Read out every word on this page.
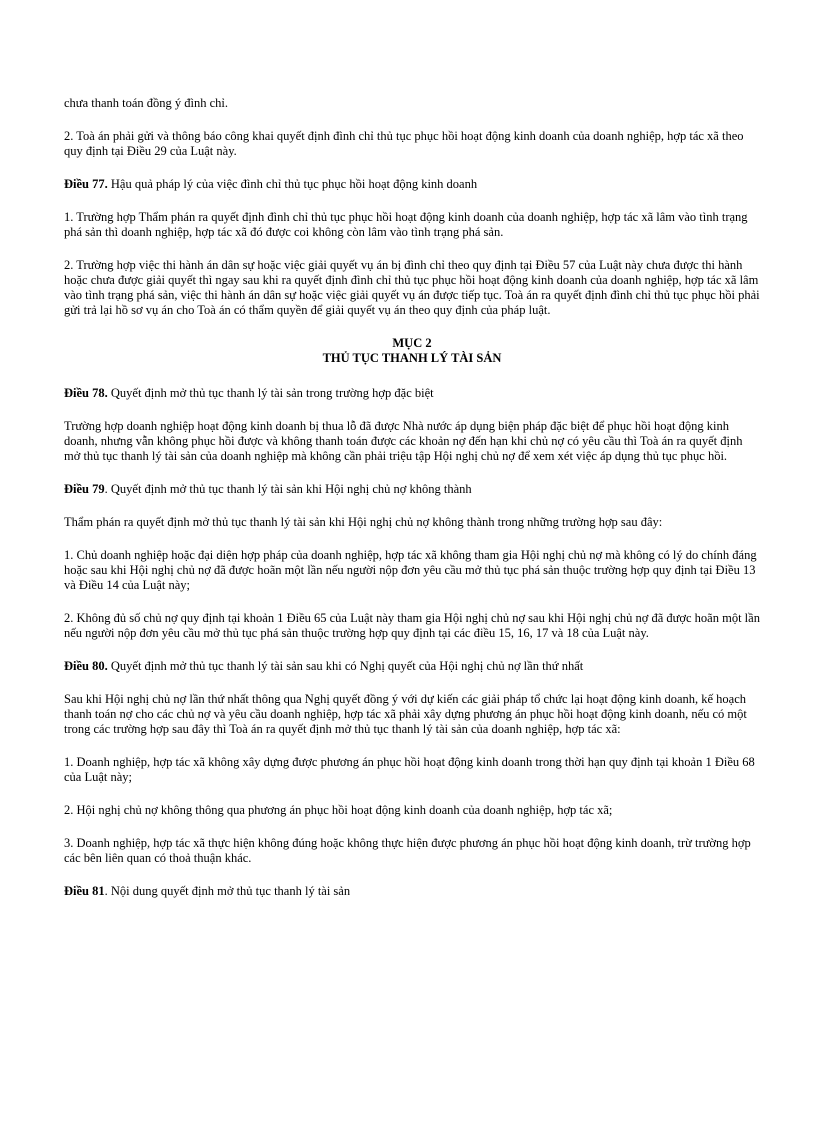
chưa thanh toán đồng ý đình chỉ.

2. Toà án phải gửi và thông báo công khai quyết định đình chỉ thủ tục phục hồi hoạt động kinh doanh của doanh nghiệp, hợp tác xã theo quy định tại Điều 29 của Luật này.

Điều 77. Hậu quả pháp lý của việc đình chỉ thủ tục phục hồi hoạt động kinh doanh

1. Trường hợp Thẩm phán ra quyết định đình chỉ thủ tục phục hồi hoạt động kinh doanh của doanh nghiệp, hợp tác xã lâm vào tình trạng phá sản thì doanh nghiệp, hợp tác xã đó được coi không còn lâm vào tình trạng phá sản.

2. Trường hợp việc thi hành án dân sự hoặc việc giải quyết vụ án bị đình chỉ theo quy định tại Điều 57 của Luật này chưa được thi hành hoặc chưa được giải quyết thì ngay sau khi ra quyết định đình chỉ thủ tục phục hồi hoạt động kinh doanh của doanh nghiệp, hợp tác xã lâm vào tình trạng phá sản, việc thi hành án dân sự hoặc việc giải quyết vụ án được tiếp tục. Toà án ra quyết định đình chỉ thủ tục phục hồi phải gửi trả lại hồ sơ vụ án cho Toà án có thẩm quyền để giải quyết vụ án theo quy định của pháp luật.

MỤC 2
THỦ TỤC THANH LÝ TÀI SẢN

Điều 78. Quyết định mở thủ tục thanh lý tài sản trong trường hợp đặc biệt

Trường hợp doanh nghiệp hoạt động kinh doanh bị thua lỗ đã được Nhà nước áp dụng biện pháp đặc biệt để phục hồi hoạt động kinh doanh, nhưng vẫn không phục hồi được và không thanh toán được các khoản nợ đến hạn khi chủ nợ có yêu cầu thì Toà án ra quyết định mở thủ tục thanh lý tài sản của doanh nghiệp mà không cần phải triệu tập Hội nghị chủ nợ để xem xét việc áp dụng thủ tục phục hồi.

Điều 79. Quyết định mở thủ tục thanh lý tài sản khi Hội nghị chủ nợ không thành

Thẩm phán ra quyết định mở thủ tục thanh lý tài sản khi Hội nghị chủ nợ không thành trong những trường hợp sau đây:

1. Chủ doanh nghiệp hoặc đại diện hợp pháp của doanh nghiệp, hợp tác xã không tham gia Hội nghị chủ nợ mà không có lý do chính đáng hoặc sau khi Hội nghị chủ nợ đã được hoãn một lần nếu người nộp đơn yêu cầu mở thủ tục phá sản thuộc trường hợp quy định tại Điều 13 và Điều 14 của Luật này;

2. Không đủ số chủ nợ quy định tại khoản 1 Điều 65 của Luật này tham gia Hội nghị chủ nợ sau khi Hội nghị chủ nợ đã được hoãn một lần nếu người nộp đơn yêu cầu mở thủ tục phá sản thuộc trường hợp quy định tại các điều 15, 16, 17 và 18 của Luật này.

Điều 80. Quyết định mở thủ tục thanh lý tài sản sau khi có Nghị quyết của Hội nghị chủ nợ lần thứ nhất

Sau khi Hội nghị chủ nợ lần thứ nhất thông qua Nghị quyết đồng ý với dự kiến các giải pháp tổ chức lại hoạt động kinh doanh, kế hoạch thanh toán nợ cho các chủ nợ và yêu cầu doanh nghiệp, hợp tác xã phải xây dựng phương án phục hồi hoạt động kinh doanh, nếu có một trong các trường hợp sau đây thì Toà án ra quyết định mở thủ tục thanh lý tài sản của doanh nghiệp, hợp tác xã:

1. Doanh nghiệp, hợp tác xã không xây dựng được phương án phục hồi hoạt động kinh doanh trong thời hạn quy định tại khoản 1 Điều 68 của Luật này;

2. Hội nghị chủ nợ không thông qua phương án phục hồi hoạt động kinh doanh của doanh nghiệp, hợp tác xã;

3. Doanh nghiệp, hợp tác xã thực hiện không đúng hoặc không thực hiện được phương án phục hồi hoạt động kinh doanh, trừ trường hợp các bên liên quan có thoả thuận khác.

Điều 81. Nội dung quyết định mở thủ tục thanh lý tài sản
